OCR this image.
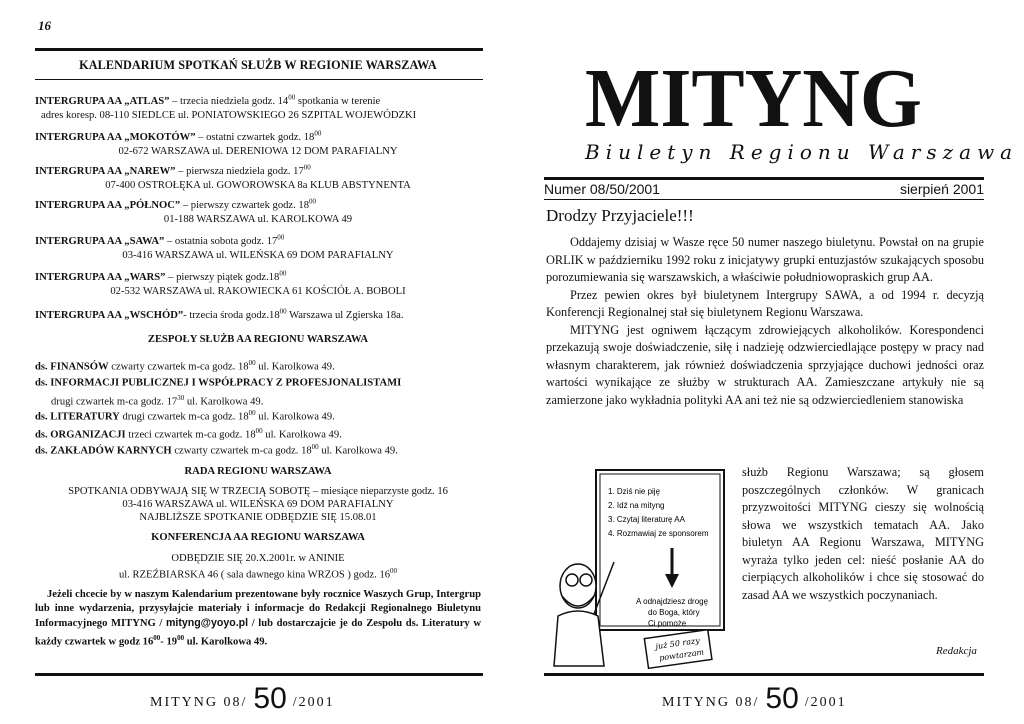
16
KALENDARIUM SPOTKAŃ SŁUŻB W REGIONIE WARSZAWA
INTERGRUPA AA „ATLAS” – trzecia niedziela godz. $14^{00}$ spotkania w terenie
adres koresp. 08-110 SIEDLCE ul. PONIATOWSKIEGO 26 SZPITAL WOJEWÓDZKI
INTERGRUPA AA „MOKOTÓW” – ostatni czwartek godz. $18^{00}$
02-672 WARSZAWA ul. DERENIOWA 12 DOM PARAFIALNY
INTERGRUPA AA „NAREW” – pierwsza niedziela godz. $17^{00}$
07-400 OSTROŁĘKA ul. GOWOROWSKA 8a KLUB ABSTYNENTA
INTERGRUPA AA „PÓŁNOC” – pierwszy czwartek godz. $18^{00}$
01-188 WARSZAWA ul. KAROLKOWA 49
INTERGRUPA AA „SAWA” – ostatnia sobota godz. $17^{00}$
03-416 WARSZAWA ul. WILEŃSKA 69 DOM PARAFIALNY
INTERGRUPA AA „WARS” – pierwszy piątek $godz.18^{00}$
02-532 WARSZAWA ul. RAKOWIECKA 61 KOŚCIÓŁ A. BOBOLI
INTERGRUPA AA „WSCHÓD”- trzecia środa $godz.18^{00}$ Warszawa ul Zgierska 18a.
ZESPOŁY SŁUŻB AA REGIONU WARSZAWA
ds. FINANSÓW czwarty czwartek m-ca godz. $18^{00}$ ul. Karolkowa 49.
ds. INFORMACJI PUBLICZNEJ I WSPÓŁPRACY Z PROFESJONALISTAMI
drugi czwartek m-ca godz. $17^{30}$ ul. Karolkowa 49.
ds. LITERATURY drugi czwartek m-ca godz. $18^{00}$ ul. Karolkowa 49.
ds. ORGANIZACJI trzeci czwartek m-ca godz. $18^{00}$ ul. Karolkowa 49.
ds. ZAKŁADÓW KARNYCH czwarty czwartek m-ca godz. $18^{00}$ ul. Karolkowa 49.
RADA REGIONU WARSZAWA
SPOTKANIA ODBYWAJĄ SIĘ W TRZECIĄ SOBOTĘ – miesiące nieparzyste godz. 16
03-416 WARSZAWA ul. WILEŃSKA 69 DOM PARAFIALNY
NAJBLIŻSZE SPOTKANIE ODBĘDZIE SIĘ 15.08.01
KONFERENCJA AA REGIONU WARSZAWA
ODBĘDZIE SIĘ 20.X.2001r. w ANINIE
ul. RZEŹBIARSKA 46 ( sala dawnego kina WRZOS ) godz. $16^{00}$
Jeżeli chcecie by w naszym Kalendarium prezentowane były rocznice Waszych Grup, Intergrup lub inne wydarzenia, przysyłajcie materiały i informacje do Redakcji Regionalnego Biuletynu Informacyjnego MITYNG / mityng@yoyo.pl / lub dostarczajcie je do Zespołu ds. Literatury w każdy czwartek w godz $16^{00}-$ $19^{00}$ ul. Karolkowa 49.
MITYNG 08/ 50 /2001
MITYNG
Biuletyn Regionu Warszawa
Numer 08/50/2001	sierpień 2001
Drodzy Przyjaciele!!!
Oddajemy dzisiaj w Wasze ręce 50 numer naszego biuletynu. Powstał on na grupie ORLIK w październiku 1992 roku z inicjatywy grupki entuzjastów szukających sposobu porozumiewania się warszawskich, a właściwie południowopraskich grup AA.
Przez pewien okres był biuletynem Intergrupy SAWA, a od 1994 r. decyzją Konferencji Regionalnej stał się biuletynem Regionu Warszawa.
MITYNG jest ogniwem łączącym zdrowiejących alkoholików. Korespondenci przekazują swoje doświadczenie, siłę i nadzieję odzwierciedlające postępy w pracy nad własnym charakterem, jak również doświadczenia sprzyjające duchowi jedności oraz wartości wynikające ze służby w strukturach AA. Zamieszczane artykuły nie są zamierzone jako wykładnia polityki AA ani też nie są odzwierciedleniem stanowiska
służb Regionu Warszawa; są głosem poszczególnych członków. W granicach przyzwoitości MITYNG cieszy się wolnością słowa we wszystkich tematach AA. Jako biuletyn AA Regionu Warszawa, MITYNG wyraża tylko jeden cel: nieść posłanie AA do cierpiących alkoholików i chce się stosować do zasad AA we wszystkich poczynaniach.
1. Dziś nie piję
2. Idź na mityng
3. Czytaj literaturę AA
4. Rozmawiaj ze sponsorem
A odnajdziesz drogę
do Boga, który
Ci pomoże
już 50 razy
powtarzam	Redakcja
MITYNG 08/ 50 /2001
